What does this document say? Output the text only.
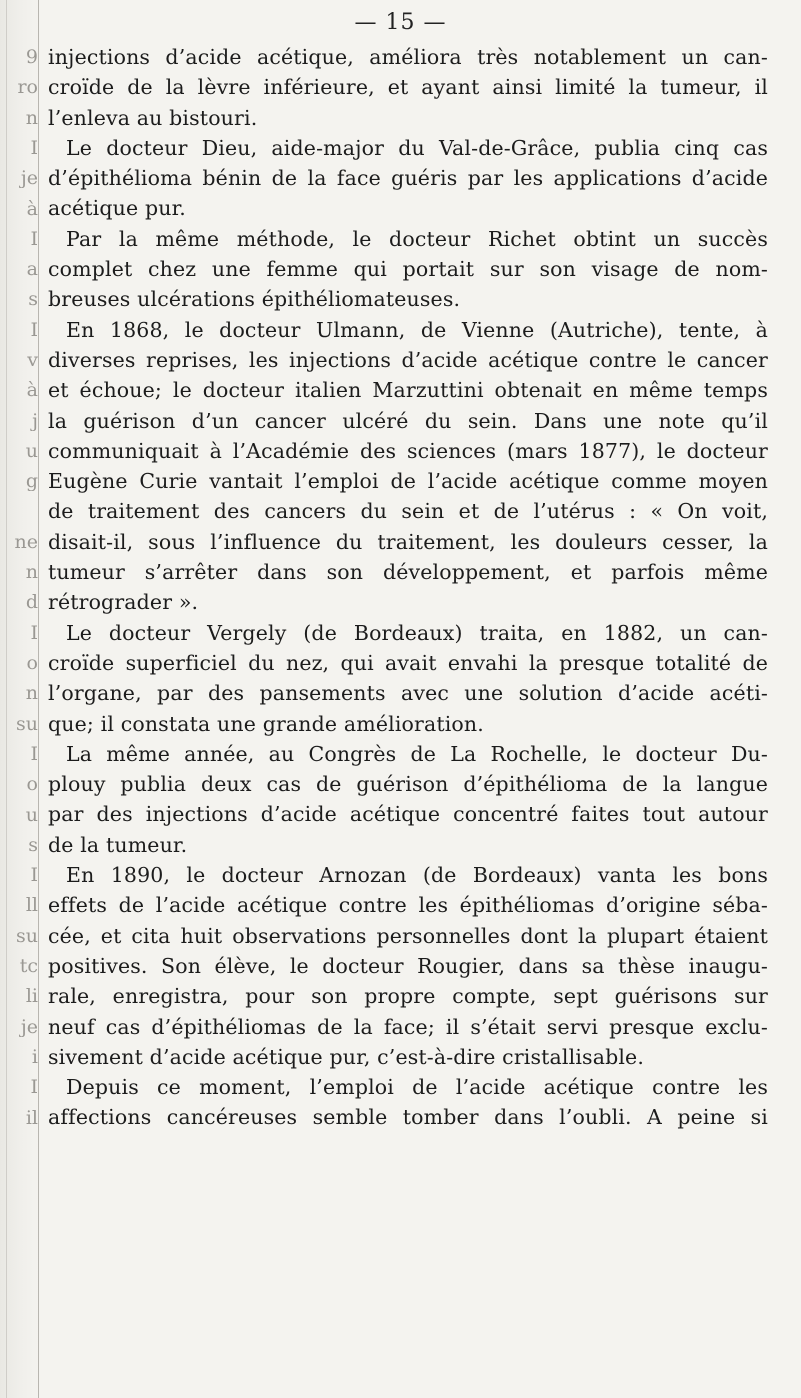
9
ro
n
I
je
à
I
a
s
I
v
à
j
u
g
ne
n
d
I
o
n
su
I
o
u
s
I
ll
su
tc
li
je
i
I
il
— 15 —
injections d’acide acétique, améliora très notablement un can-
croïde de la lèvre inférieure, et ayant ainsi limité la tumeur, il
l’enleva au bistouri.
Le docteur Dieu, aide-major du Val-de-Grâce, publia cinq cas
d’épithélioma bénin de la face guéris par les applications d’acide
acétique pur.
Par la même méthode, le docteur Richet obtint un succès
complet chez une femme qui portait sur son visage de nom-
breuses ulcérations épithéliomateuses.
En 1868, le docteur Ulmann, de Vienne (Autriche), tente, à
diverses reprises, les injections d’acide acétique contre le cancer
et échoue; le docteur italien Marzuttini obtenait en même temps
la guérison d’un cancer ulcéré du sein. Dans une note qu’il
communiquait à l’Académie des sciences (mars 1877), le docteur
Eugène Curie vantait l’emploi de l’acide acétique comme moyen
de traitement des cancers du sein et de l’utérus : « On voit,
disait-il, sous l’influence du traitement, les douleurs cesser, la
tumeur s’arrêter dans son développement, et parfois même
rétrograder ».
Le docteur Vergely (de Bordeaux) traita, en 1882, un can-
croïde superficiel du nez, qui avait envahi la presque totalité de
l’organe, par des pansements avec une solution d’acide acéti-
que; il constata une grande amélioration.
La même année, au Congrès de La Rochelle, le docteur Du-
plouy publia deux cas de guérison d’épithélioma de la langue
par des injections d’acide acétique concentré faites tout autour
de la tumeur.
En 1890, le docteur Arnozan (de Bordeaux) vanta les bons
effets de l’acide acétique contre les épithéliomas d’origine séba-
cée, et cita huit observations personnelles dont la plupart étaient
positives. Son élève, le docteur Rougier, dans sa thèse inaugu-
rale, enregistra, pour son propre compte, sept guérisons sur
neuf cas d’épithéliomas de la face; il s’était servi presque exclu-
sivement d’acide acétique pur, c’est-à-dire cristallisable.
Depuis ce moment, l’emploi de l’acide acétique contre les
affections cancéreuses semble tomber dans l’oubli. A peine si
